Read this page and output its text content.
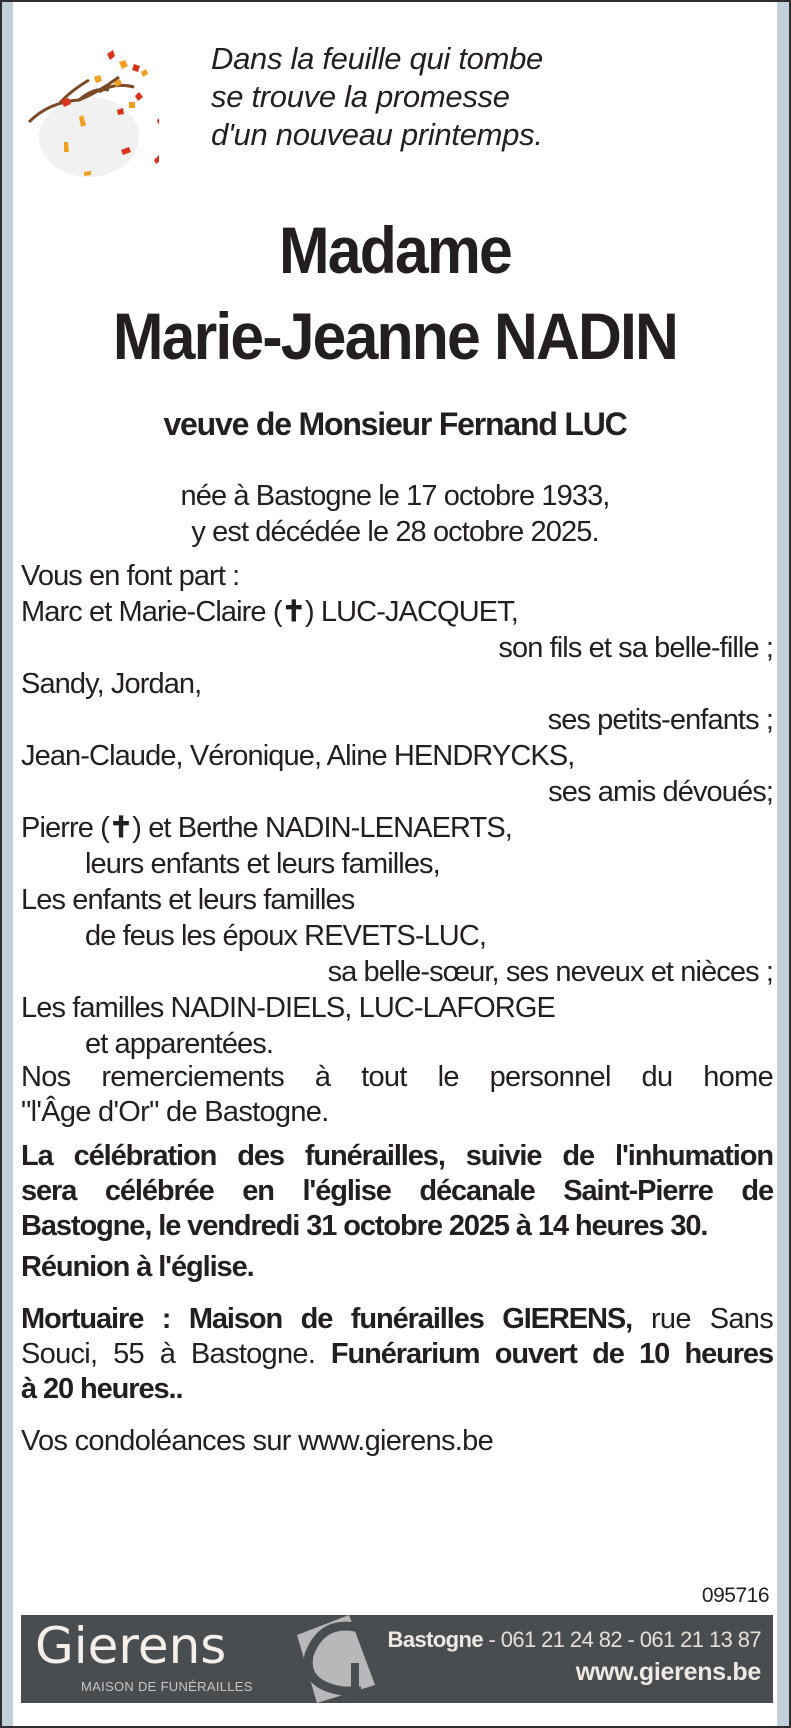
Dans la feuille qui tombe
se trouve la promesse
d'un nouveau printemps.
Madame
Marie-Jeanne NADIN
veuve de Monsieur Fernand LUC
née à Bastogne le 17 octobre 1933,
y est décédée le 28 octobre 2025.
Vous en font part :
Marc et Marie-Claire (✝) LUC-JACQUET,
son fils et sa belle-fille ;
Sandy, Jordan,
ses petits-enfants ;
Jean-Claude, Véronique, Aline HENDRYCKS,
ses amis dévoués;
Pierre (✝) et Berthe NADIN-LENAERTS,
leurs enfants et leurs familles,
Les enfants et leurs familles
de feus les époux REVETS-LUC,
sa belle-sœur, ses neveux et nièces ;
Les familles NADIN-DIELS, LUC-LAFORGE
et apparentées.
Nos remerciements à tout le personnel du home
"l'Âge d'Or" de Bastogne.
La célébration des funérailles, suivie de l'inhumation
sera célébrée en l'église décanale Saint-Pierre de
Bastogne, le vendredi 31 octobre 2025 à 14 heures 30.
Réunion à l'église.
Mortuaire : Maison de funérailles GIERENS, rue Sans
Souci, 55 à Bastogne. Funérarium ouvert de 10 heures
à 20 heures..
Vos condoléances sur www.gierens.be
095716
Gierens
MAISON DE FUNÉRAILLES
Bastogne - 061 21 24 82 - 061 21 13 87
www.gierens.be
